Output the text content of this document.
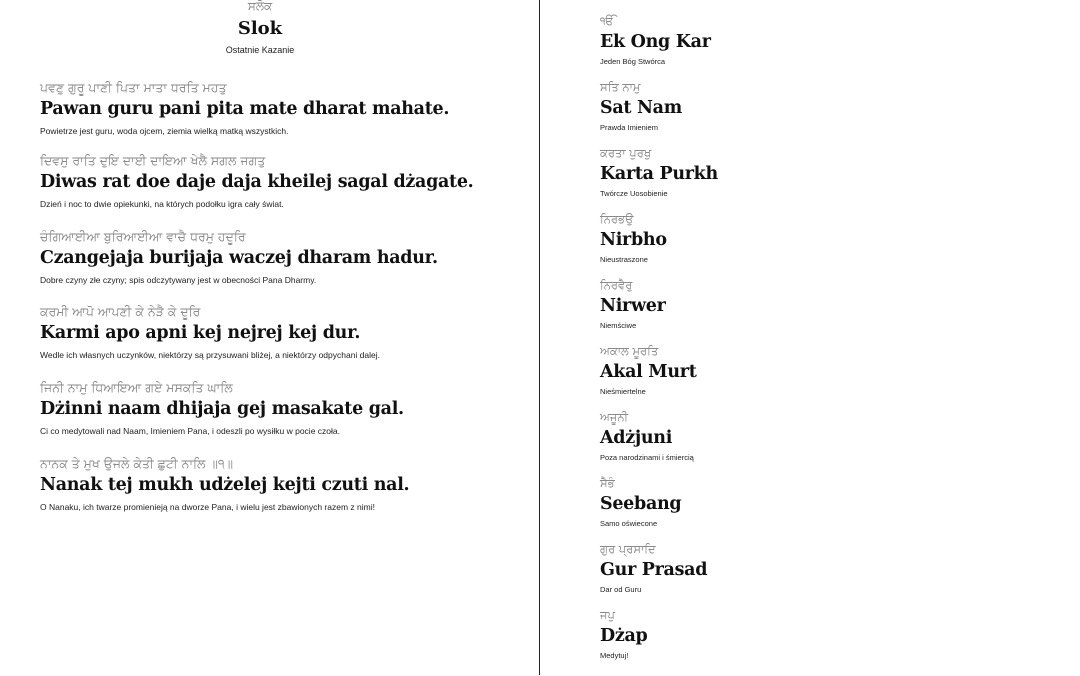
ਸਲੋਕ
Slok
Ostatnie Kazanie
ਪਵਣੁ ਗੁਰੂ ਪਾਣੀ ਪਿਤਾ ਮਾਤਾ ਧਰਤਿ ਮਹਤੁ
Pawan guru pani pita mate dharat mahate.
Powietrze jest guru, woda ojcem, ziemia wielką matką wszystkich.
ਦਿਵਸੁ ਰਾਤਿ ਦੁਇ ਦਾਈ ਦਾਇਆ ਖੇਲੈ ਸਗਲ ਜਗਤੁ
Diwas rat doe daje daja kheilej sagal dżagate.
Dzień i noc to dwie opiekunki, na których podołku igra cały świat.
ਚੰਗਿਆਈਆ ਬੁਰਿਆਈਆ ਵਾਚੈ ਧਰਮੁ ਹਦੂਰਿ
Czangejaja burijaja waczej dharam hadur.
Dobre czyny złe czyny; spis odczytywany jest w obecności Pana Dharmy.
ਕਰਮੀ ਆਪੋ ਆਪਣੀ ਕੇ ਨੇੜੈ ਕੇ ਦੂਰਿ
Karmi apo apni kej nejrej kej dur.
Wedle ich własnych uczynków, niektórzy są przysuwani bliżej, a niektórzy odpychani dalej.
ਜਿਨੀ ਨਾਮੁ ਧਿਆਇਆ ਗਏ ਮਸਕਤਿ ਘਾਲਿ
Dżinni naam dhijaja gej masakate gal.
Ci co medytowali nad Naam, Imieniem Pana, i odeszli po wysiłku w pocie czoła.
ਨਾਨਕ ਤੇ ਮੁਖ ਉਜਲੇ ਕੇਤੀ ਛੁਟੀ ਨਾਲਿ ॥੧॥
Nanak tej mukh udżelej kejti czuti nal.
O Nanaku, ich twarze promienieją na dworze Pana, i wielu jest zbawionych razem z nimi!
ੴ
Ek Ong Kar
Jeden Bóg Stwórca
ਸਤਿ ਨਾਮੁ
Sat Nam
Prawda Imieniem
ਕਰਤਾ ਪੁਰਖੁ
Karta Purkh
Twórcze Uosobienie
ਨਿਰਭਉ
Nirbho
Nieustraszone
ਨਿਰਵੈਰੁ
Nirwer
Niemściwe
ਅਕਾਲ ਮੂਰਤਿ
Akal Murt
Nieśmiertelne
ਅਜੂਨੀ
Adżjuni
Poza narodzinami i śmiercią
ਸੈਭੰ
Seebang
Samo oświecone
ਗੁਰ ਪ੍ਰਸਾਦਿ
Gur Prasad
Dar od Guru
ਜਪੁ
Dżap
Medytuj!
